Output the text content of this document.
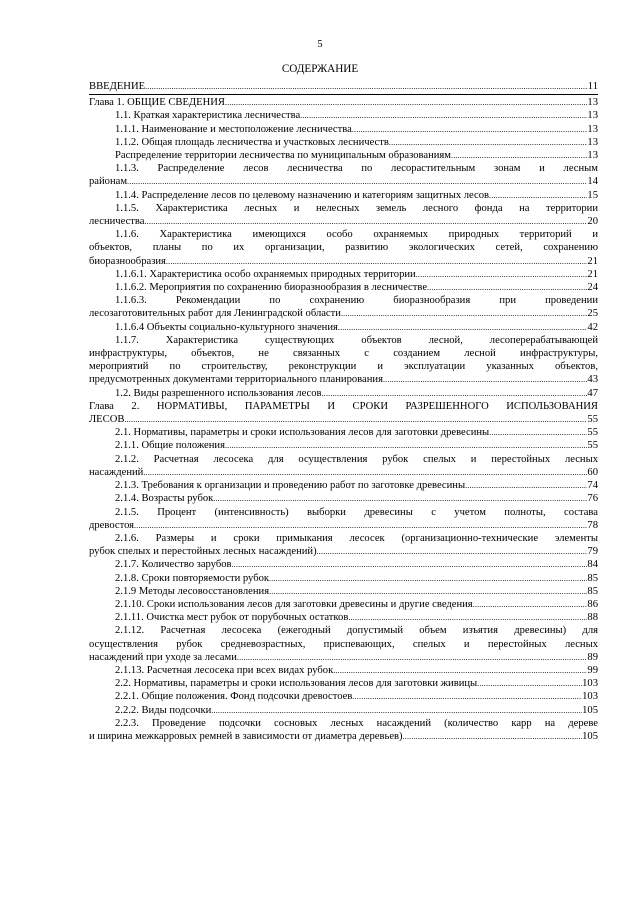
5
СОДЕРЖАНИЕ
ВВЕДЕНИЕ .....	11
Глава 1. ОБЩИЕ СВЕДЕНИЯ .....	13
1.1. Краткая характеристика лесничества .....	13
1.1.1. Наименование и местоположение лесничества .....	13
1.1.2. Общая площадь лесничества и участковых лесничеств .....	13
Распределение территории лесничества по муниципальным образованиям .....	13
1.1.3. Распределение лесов лесничества по лесорастительным зонам и лесным
районам .....	14
1.1.4. Распределение лесов по целевому назначению и категориям защитных лесов .....	15
1.1.5. Характеристика лесных и нелесных земель лесного фонда на территории
лесничества .....	20
1.1.6. Характеристика имеющихся особо охраняемых природных территорий и
объектов, планы по их организации, развитию экологических сетей, сохранению
биоразнообразия .....	21
1.1.6.1. Характеристика особо охраняемых природных территории .....	21
1.1.6.2. Мероприятия по сохранению биоразнообразия в лесничестве .....	24
1.1.6.3. Рекомендации по сохранению биоразнообразия при проведении
лесозаготовительных работ для Ленинградской области .....	25
1.1.6.4 Объекты социально-культурного значения .....	42
1.1.7. Характеристика существующих объектов лесной, лесоперерабатывающей
инфраструктуры, объектов, не связанных с созданием лесной инфраструктуры,
мероприятий по строительству, реконструкции и эксплуатации указанных объектов,
предусмотренных документами территориального планирования .....	43
1.2. Виды разрешенного использования лесов .....	47
Глава 2. НОРМАТИВЫ, ПАРАМЕТРЫ И СРОКИ РАЗРЕШЕННОГО ИСПОЛЬЗОВАНИЯ
ЛЕСОВ .....	55
2.1. Нормативы, параметры и сроки использования лесов для заготовки древесины .....	55
2.1.1. Общие положения .....	55
2.1.2. Расчетная лесосека для осуществления рубок спелых и перестойных лесных
насаждений .....	60
2.1.3. Требования к организации и проведению работ по заготовке древесины .....	74
2.1.4. Возрасты рубок .....	76
2.1.5. Процент (интенсивность) выборки древесины с учетом полноты, состава
древостоя .....	78
2.1.6. Размеры и сроки примыкания лесосек (организационно-технические элементы
рубок спелых и перестойных лесных насаждений) .....	79
2.1.7. Количество зарубов .....	84
2.1.8. Сроки повторяемости рубок .....	85
2.1.9 Методы лесовосстановления .....	85
2.1.10. Сроки использования лесов для заготовки древесины и другие сведения .....	86
2.1.11. Очистка мест рубок от порубочных остатков .....	88
2.1.12. Расчетная лесосека (ежегодный допустимый объем изъятия древесины) для
осуществления рубок средневозрастных, приспевающих, спелых и перестойных лесных
насаждений при уходе за лесами .....	89
2.1.13. Расчетная лесосека при всех видах рубок .....	99
2.2. Нормативы, параметры и сроки использования лесов для заготовки живицы .....	103
2.2.1. Общие положения. Фонд подсочки древостоев .....	103
2.2.2. Виды подсочки .....	105
2.2.3. Проведение подсочки сосновых лесных насаждений (количество карр на дереве
и ширина межкарровых ремней в зависимости от диаметра деревьев) .....	105
